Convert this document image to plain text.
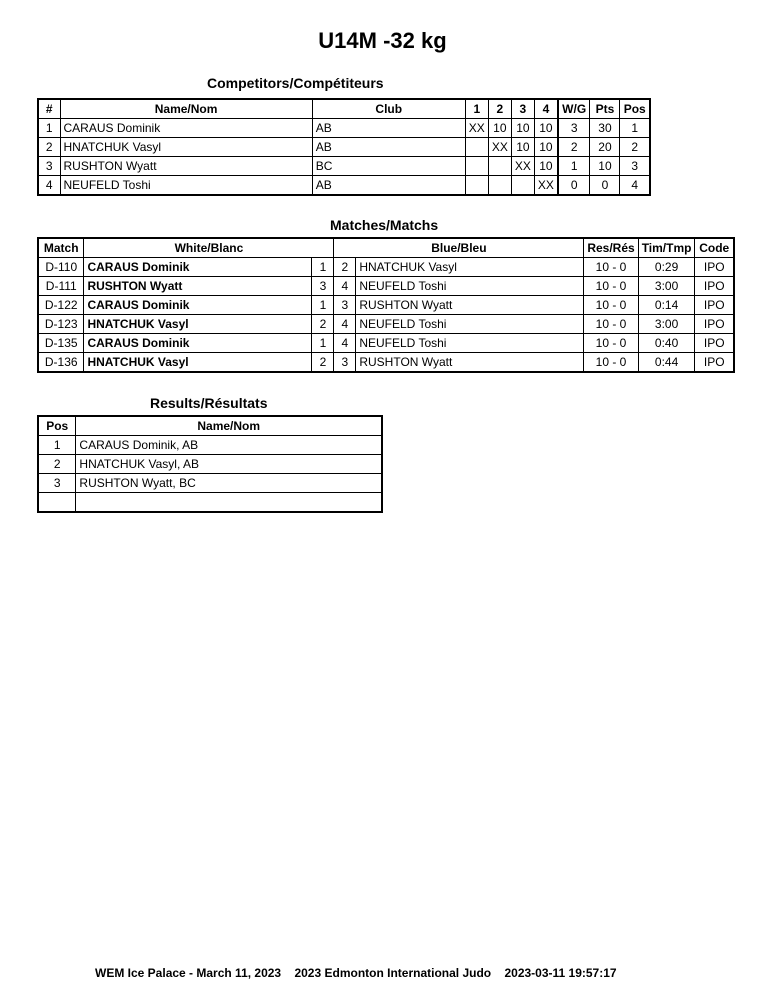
U14M -32 kg
Competitors/Compétiteurs
#	Name/Nom	Club	1	2	3	4	W/G	Pts	Pos
1	CARAUS Dominik	AB	XX	10	10	10	3	30	1
2	HNATCHUK Vasyl	AB		XX	10	10	2	20	2
3	RUSHTON Wyatt	BC			XX	10	1	10	3
4	NEUFELD Toshi	AB				XX	0	0	4
Matches/Matchs
Match	White/Blanc		Blue/Bleu		Res/Rés	Tim/Tmp	Code
D-110	CARAUS Dominik	1	2	HNATCHUK Vasyl	10 - 0	0:29	IPO
D-111	RUSHTON Wyatt	3	4	NEUFELD Toshi	10 - 0	3:00	IPO
D-122	CARAUS Dominik	1	3	RUSHTON Wyatt	10 - 0	0:14	IPO
D-123	HNATCHUK Vasyl	2	4	NEUFELD Toshi	10 - 0	3:00	IPO
D-135	CARAUS Dominik	1	4	NEUFELD Toshi	10 - 0	0:40	IPO
D-136	HNATCHUK Vasyl	2	3	RUSHTON Wyatt	10 - 0	0:44	IPO
Results/Résultats
Pos	Name/Nom
1	CARAUS Dominik, AB
2	HNATCHUK Vasyl, AB
3	RUSHTON Wyatt, BC

WEM Ice Palace - March 11, 2023 2023 Edmonton International Judo 2023-03-11 19:57:17
